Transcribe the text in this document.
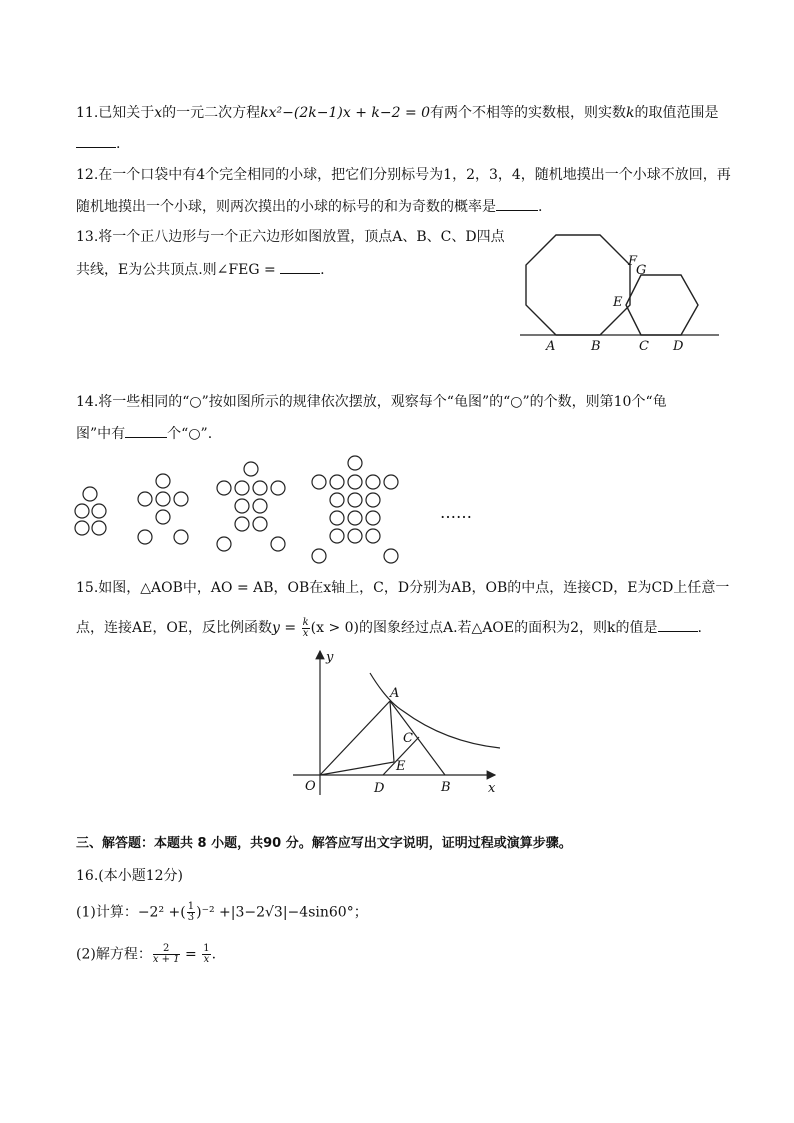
11.已知关于x的一元二次方程kx²−(2k−1)x + k−2 = 0有两个不相等的实数根，则实数k的取值范围是
.
12.在一个口袋中有4个完全相同的小球，把它们分别标号为1，2，3，4，随机地摸出一个小球不放回，再
随机地摸出一个小球，则两次摸出的小球的标号的和为奇数的概率是	.
13.将一个正八边形与一个正六边形如图放置，顶点A、B、C、D四点
共线，E为公共顶点.则∠FEG =	.
A	B	C D
E
F
G
14.将一些相同的“○”按如图所示的规律依次摆放，观察每个“龟图”的“○”的个数，则第10个“龟
图”中有	个“○”.
……
15.如图，△AOB中，AO = AB，OB在x轴上，C，D分别为AB，OB的中点，连接CD，E为CD上任意一
点，连接AE，OE，反比例函数$y = \frac{k}{x} (x > 0)$的图象经过点A.若△AOE的面积为2，则k的值是	.
y
A
C
E
O	D	B	x
三、解答题：本题共 8 小题，共90 分。解答应写出文字说明，证明过程或演算步骤。
16.(本小题12分)
(1)计算：−2² +( $\frac{1}{3} )^{-2} +|3-2√3|-4\sin 60^\circ$；
(2)解方程： $\frac{2}{x + 1} = \frac{1}{x}$ .
